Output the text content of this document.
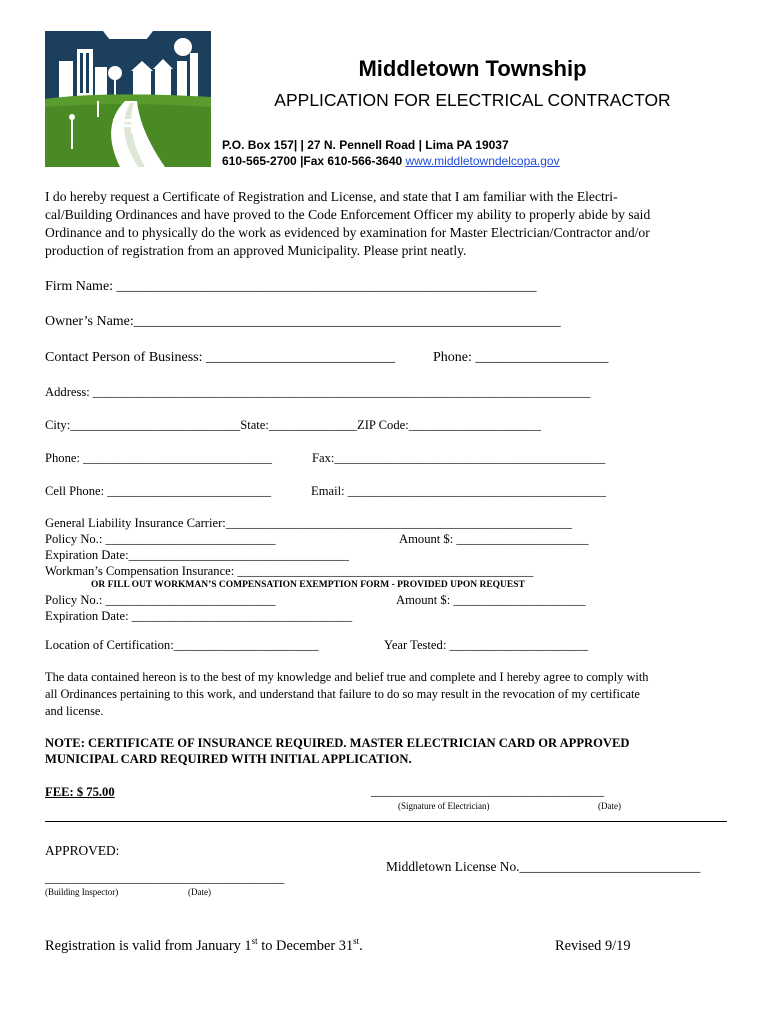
Middletown Township
APPLICATION FOR ELECTRICAL CONTRACTOR
P.O. Box 157| | 27 N. Pennell Road | Lima PA 19037
610-565-2700 |Fax 610-566-3640 www.middletowndelcopa.gov
I do hereby request a Certificate of Registration and License, and state that I am familiar with the Electri-
cal/Building Ordinances and have proved to the Code Enforcement Officer my ability to properly abide by said
Ordinance and to physically do the work as evidenced by examination for Master Electrician/Contractor and/or
production of registration from an approved Municipality. Please print neatly.
Firm Name: ____________________________________________________________
Owner’s Name:_____________________________________________________________
Contact Person of Business: ___________________________	Phone: ___________________
Address: _______________________________________________________________________________
City:___________________________State:______________ZIP Code:_____________________
Phone: ______________________________	Fax:___________________________________________
Cell Phone: __________________________	Email: _________________________________________
General Liability Insurance Carrier:_______________________________________________________
Policy No.: ___________________________	Amount $: _____________________
Expiration Date:___________________________________
Workman’s Compensation Insurance: _______________________________________________
OR FILL OUT WORKMAN’S COMPENSATION EXEMPTION FORM - PROVIDED UPON REQUEST
Policy No.: ___________________________	Amount $: _____________________
Expiration Date: ___________________________________
Location of Certification:_______________________	Year Tested: ______________________
The data contained hereon is to the best of my knowledge and belief true and complete and I hereby agree to comply with
all Ordinances pertaining to this work, and understand that failure to do so may result in the revocation of my certificate
and license.
NOTE: CERTIFICATE OF INSURANCE REQUIRED. MASTER ELECTRICIAN CARD OR APPROVED
MUNICIPAL CARD REQUIRED WITH INITIAL APPLICATION.
FEE: $ 75.00	_____________________________________
(Signature of Electrician)	(Date)
APPROVED:
Middletown License No.___________________________
______________________________________
(Building Inspector)	(Date)
Registration is valid from January 1st to December 31st.	Revised 9/19
